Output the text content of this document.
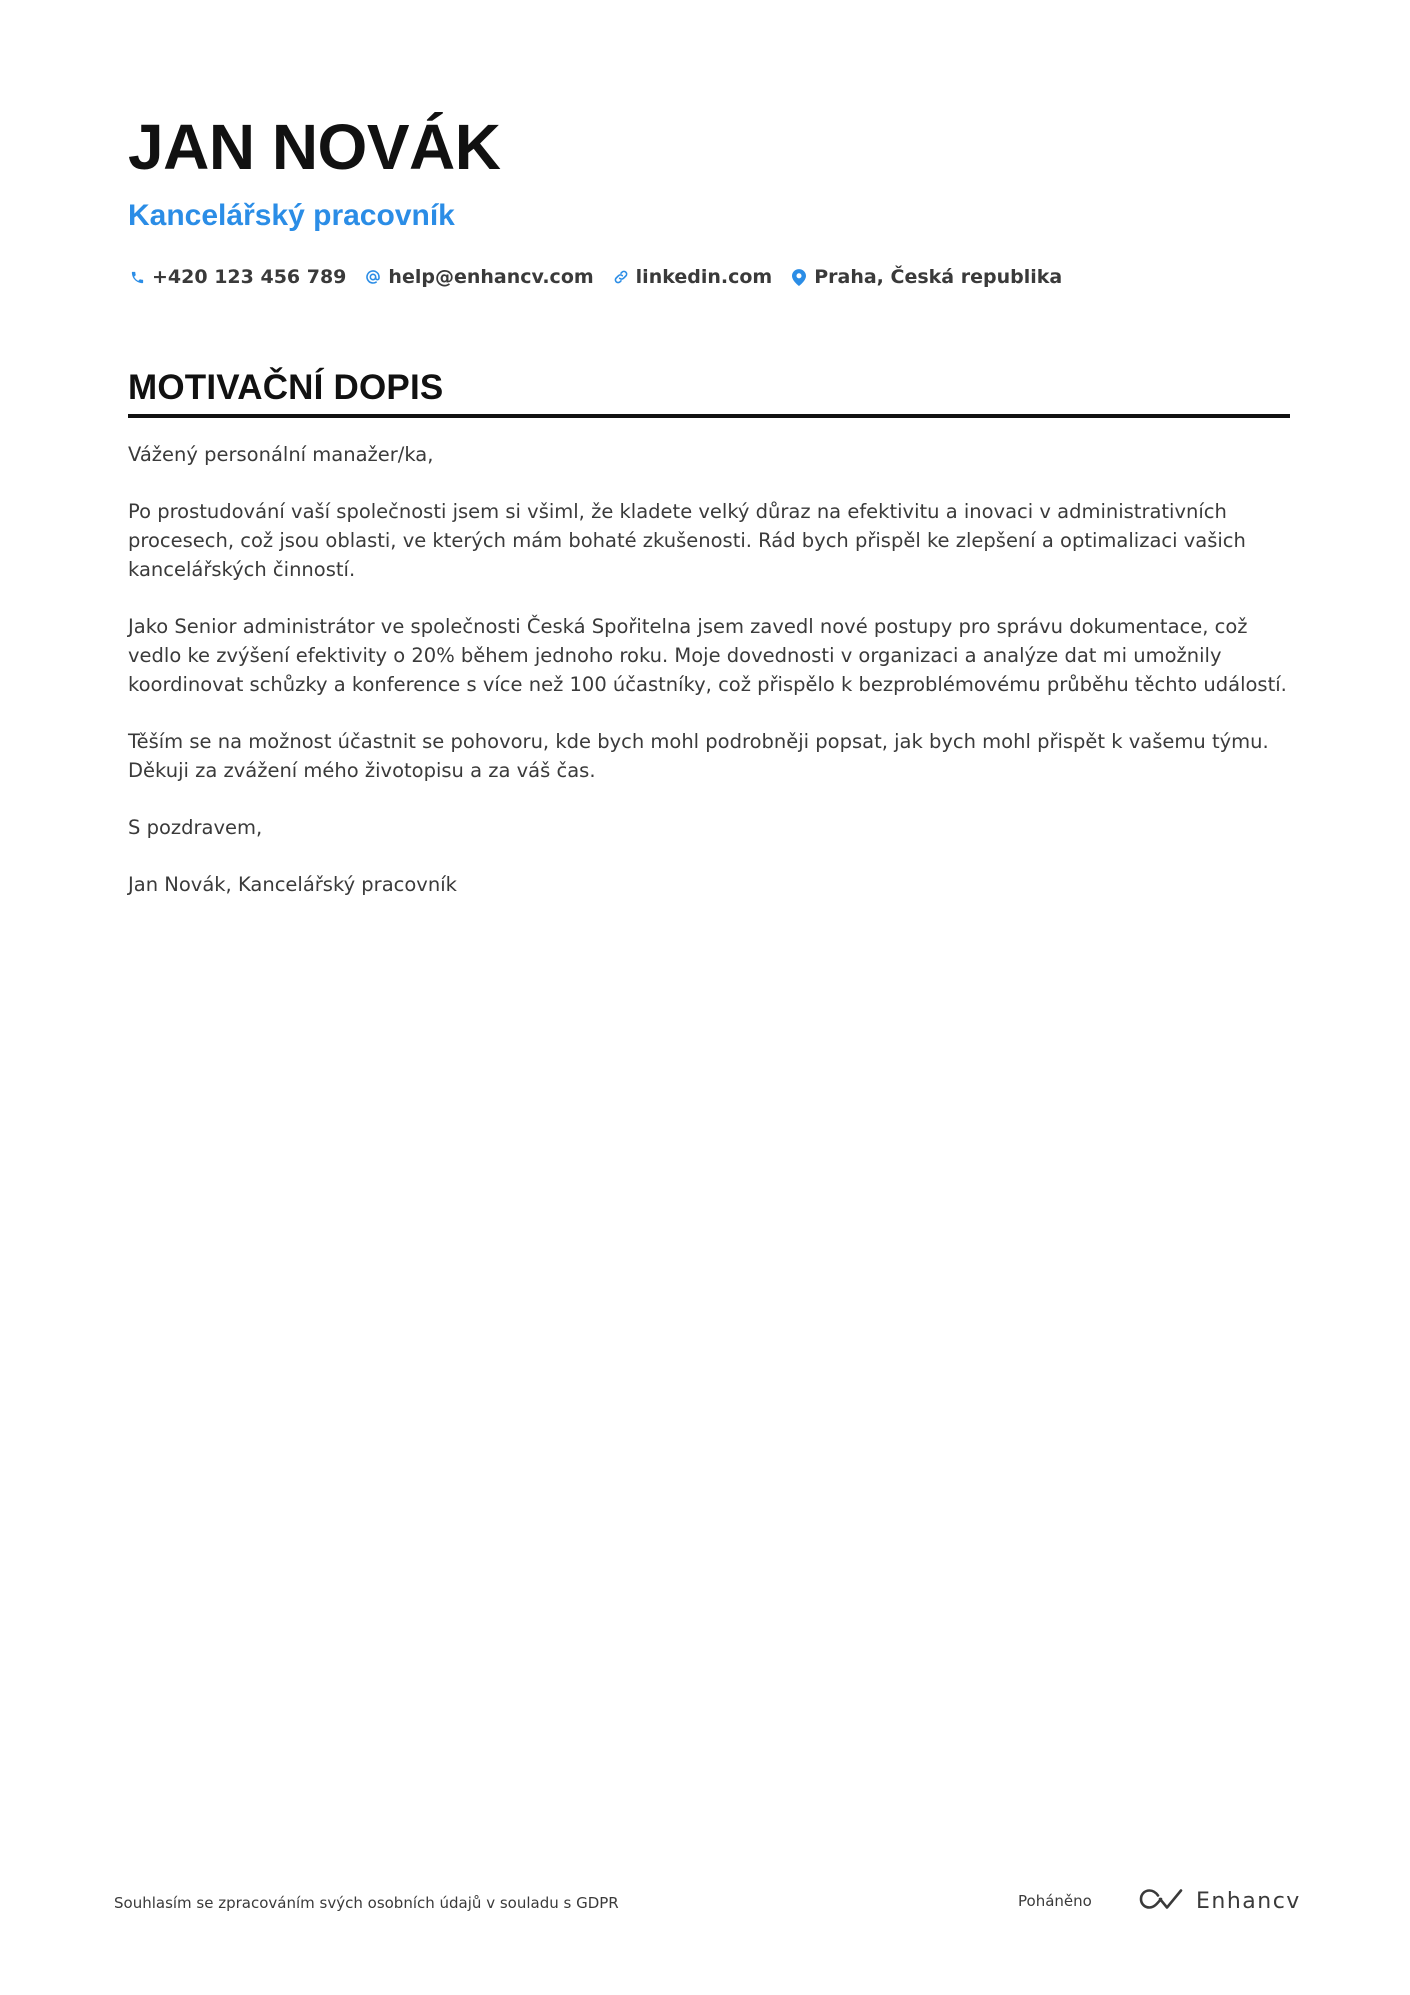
JAN NOVÁK
Kancelářský pracovník
+420 123 456 789 help@enhancv.com linkedin.com Praha, Česká republika
MOTIVAČNÍ DOPIS

Vážený personální manažer/ka,

Po prostudování vaší společnosti jsem si všiml, že kladete velký důraz na efektivitu a inovaci v administrativních procesech, což jsou oblasti, ve kterých mám bohaté zkušenosti. Rád bych přispěl ke zlepšení a optimalizaci vašich kancelářských činností.

Jako Senior administrátor ve společnosti Česká Spořitelna jsem zavedl nové postupy pro správu dokumentace, což vedlo ke zvýšení efektivity o 20% během jednoho roku. Moje dovednosti v organizaci a analýze dat mi umožnily koordinovat schůzky a konference s více než 100 účastníky, což přispělo k bezproblémovému průběhu těchto událostí.

Těším se na možnost účastnit se pohovoru, kde bych mohl podrobněji popsat, jak bych mohl přispět k vašemu týmu. Děkuji za zvážení mého životopisu a za váš čas.

S pozdravem,

Jan Novák, Kancelářský pracovník

Souhlasím se zpracováním svých osobních údajů v souladu s GDPR	Poháněno	Enhancv
